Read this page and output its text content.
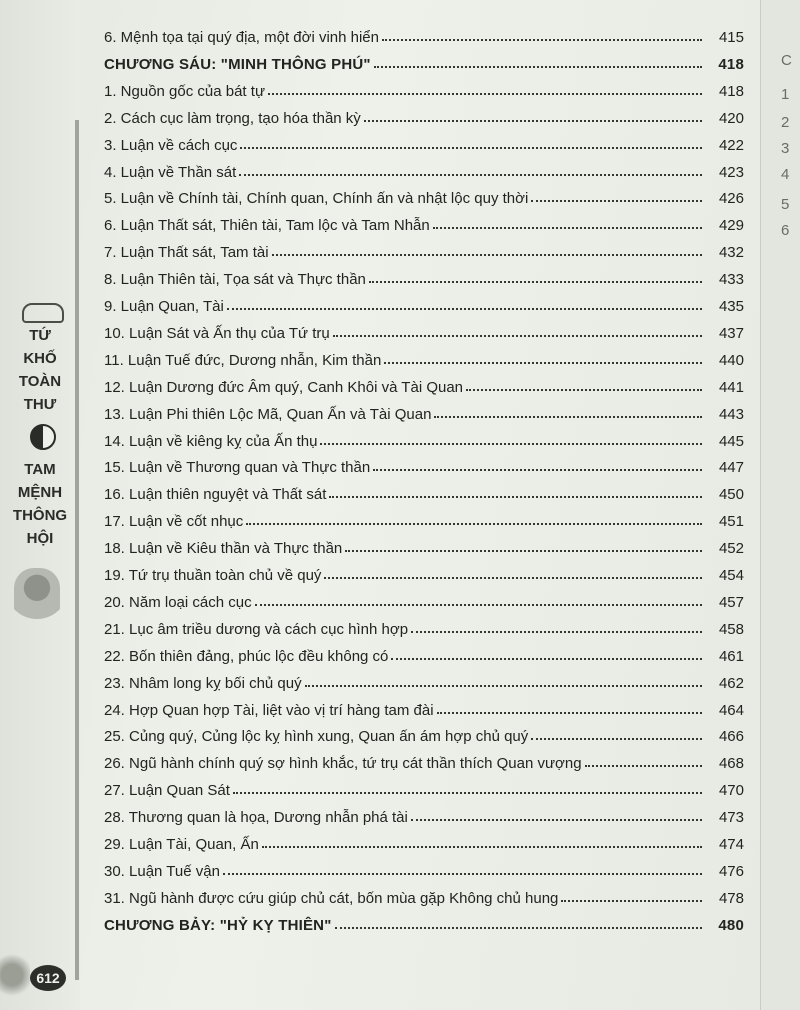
TỨ
KHỐ
TOÀN
THƯ
TAM
MỆNH
THÔNG
HỘI
612
6. Mệnh tọa tại quý địa, một đời vinh hiển	415
CHƯƠNG SÁU: "MINH THÔNG PHÚ"	418
1. Nguồn gốc của bát tự	418
2. Cách cục làm trọng, tạo hóa thần kỳ	420
3. Luận về cách cục	422
4. Luận về Thần sát	423
5. Luận về Chính tài, Chính quan, Chính ấn và nhật lộc quy thời	426
6. Luận Thất sát, Thiên tài, Tam lộc và Tam Nhẫn	429
7. Luận Thất sát, Tam tài	432
8. Luận Thiên tài, Tọa sát và Thực thần	433
9. Luận Quan, Tài	435
10. Luận Sát và Ấn thụ của Tứ trụ	437
11. Luận Tuế đức, Dương nhẫn, Kim thần	440
12. Luận Dương đức Âm quý, Canh Khôi và Tài Quan	441
13. Luận Phi thiên Lộc Mã, Quan Ấn và Tài Quan	443
14. Luận về kiêng kỵ của Ấn thụ	445
15. Luận về Thương quan và Thực thần	447
16. Luận thiên nguyệt và Thất sát	450
17. Luận về cốt nhục	451
18. Luận về Kiêu thần và Thực thần	452
19. Tứ trụ thuần toàn chủ về quý	454
20. Năm loại cách cục	457
21. Lục âm triều dương và cách cục hình hợp	458
22. Bốn thiên đảng, phúc lộc đều không có	461
23. Nhâm long kỵ bối chủ quý	462
24. Hợp Quan hợp Tài, liệt vào vị trí hàng tam đài	464
25. Củng quý, Củng lộc kỵ hình xung, Quan ấn ám hợp chủ quý	466
26. Ngũ hành chính quý sợ hình khắc, tứ trụ cát thần thích Quan vượng	468
27. Luận Quan Sát	470
28. Thương quan là họa, Dương nhẫn phá tài	473
29. Luận Tài, Quan, Ấn	474
30. Luận Tuế vận	476
31. Ngũ hành được cứu giúp chủ cát, bốn mùa gặp Không chủ hung	478
CHƯƠNG BẢY: "HỶ KỴ THIÊN"	480
C
1
2
3
4
5
6
